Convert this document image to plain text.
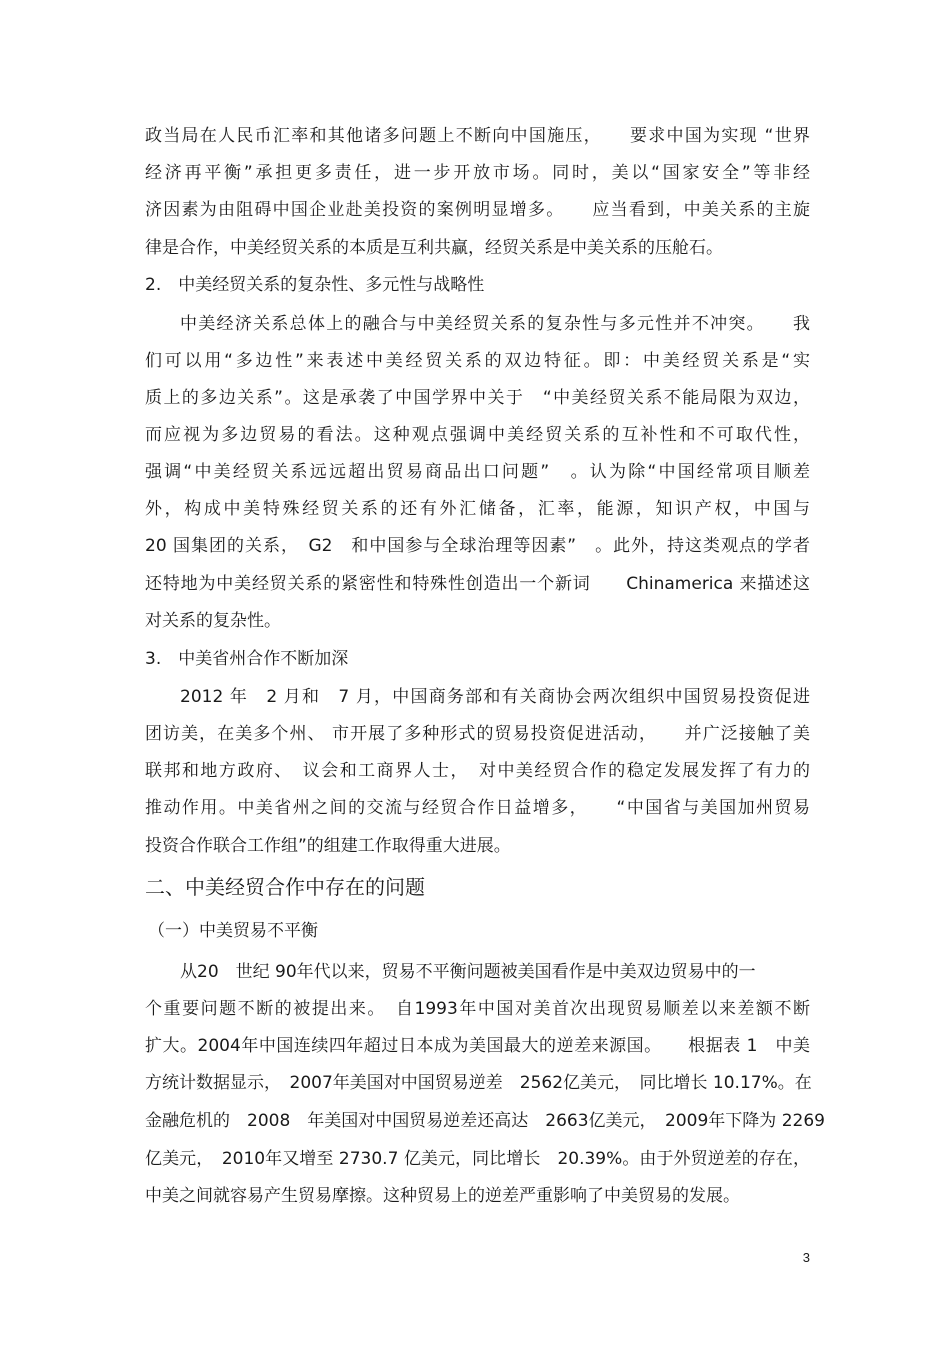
政当局在人民币汇率和其他诸多问题上不断向中国施压，　　要求中国为实现 “世界
经济再平衡”承担更多责任，进一步开放市场。同时，美以“国家安全”等非经
济因素为由阻碍中国企业赴美投资的案例明显增多。　　应当看到，中美关系的主旋
律是合作，中美经贸关系的本质是互利共赢，经贸关系是中美关系的压舱石。
2.　中美经贸关系的复杂性、多元性与战略性
中美经济关系总体上的融合与中美经贸关系的复杂性与多元性并不冲突。　　我
们可以用“多边性”来表述中美经贸关系的双边特征。即：中美经贸关系是“实
质上的多边关系”。这是承袭了中国学界中关于　“中美经贸关系不能局限为双边，
而应视为多边贸易的看法。这种观点强调中美经贸关系的互补性和不可取代性，
强调“中美经贸关系远远超出贸易商品出口问题”　。认为除“中国经常项目顺差
外，构成中美特殊经贸关系的还有外汇储备，汇率，能源，知识产权，中国与
20 国集团的关系，　G2　和中国参与全球治理等因素”　。此外，持这类观点的学者
还特地为中美经贸关系的紧密性和特殊性创造出一个新词　　Chinamerica 来描述这
对关系的复杂性。
3.　中美省州合作不断加深
2012 年　2 月和　7 月，中国商务部和有关商协会两次组织中国贸易投资促进
团访美，在美多个州、 市开展了多种形式的贸易投资促进活动，　　并广泛接触了美
联邦和地方政府、　议会和工商界人士，　对中美经贸合作的稳定发展发挥了有力的
推动作用。中美省州之间的交流与经贸合作日益增多，　　“中国省与美国加州贸易
投资合作联合工作组”的组建工作取得重大进展。
二、中美经贸合作中存在的问题
（一）中美贸易不平衡
从20　世纪 90年代以来，贸易不平衡问题被美国看作是中美双边贸易中的一
个重要问题不断的被提出来。　自1993年中国对美首次出现贸易顺差以来差额不断
扩大。2004年中国连续四年超过日本成为美国最大的逆差来源国。　　根据表 1　中美
方统计数据显示，　2007年美国对中国贸易逆差　2562亿美元，　同比增长 10.17%。在
金融危机的　2008　年美国对中国贸易逆差还高达　2663亿美元，　2009年下降为 2269
亿美元，　2010年又增至 2730.7 亿美元，同比增长　20.39%。由于外贸逆差的存在，
中美之间就容易产生贸易摩擦。这种贸易上的逆差严重影响了中美贸易的发展。
3
